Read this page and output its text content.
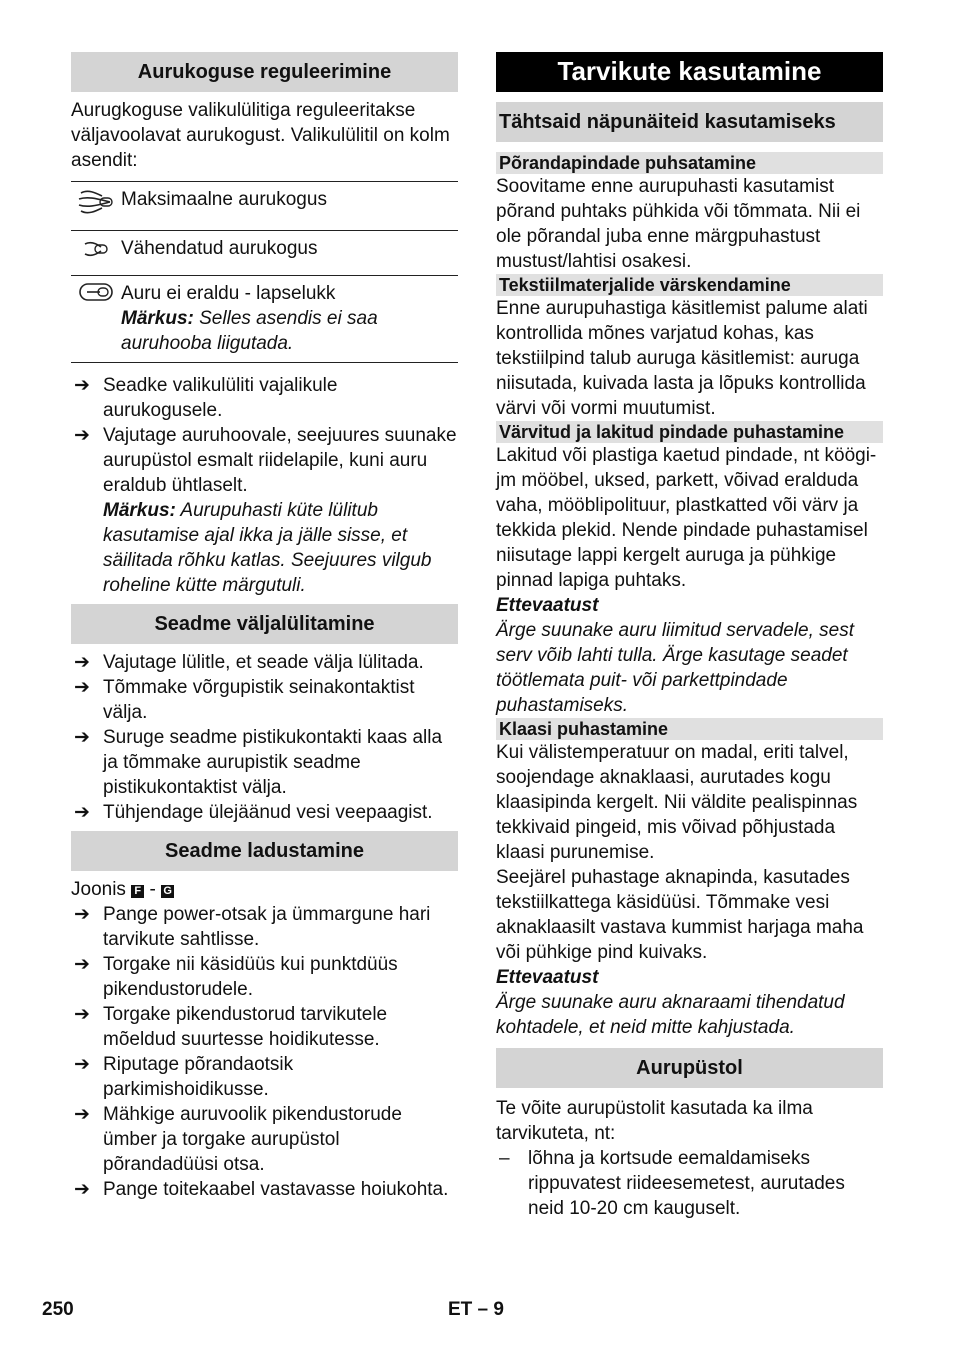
Aurukoguse reguleerimine

Aurugkoguse valikulülitiga reguleeritakse väljavoolavat aurukogust. Valikulülitil on kolm asendit:

	Maksimaalne aurukogus
	Vähendatud aurukogus

Auru ei eraldu - lapselukk
Märkus: Selles asendis ei saa auruhooba liigutada.
➔ Seadke valikulüliti vajalikule aurukogusele.
➔ Vajutage auruhoovale, seejuures suunake aurupüstol esmalt riidelapile, kuni auru eraldub ühtlaselt.
Märkus: Aurupuhasti küte lülitub kasutamise ajal ikka ja jälle sisse, et säilitada rõhku katlas. Seejuures vilgub roheline kütte märgutuli.
Seadme väljalülitamine
➔ Vajutage lülitle, et seade välja lülitada.
➔ Tõmmake võrgupistik seinakontaktist välja.
➔ Suruge seadme pistikukontakti kaas alla ja tõmmake aurupistik seadme pistikukontaktist välja.
➔ Tühjendage ülejäänud vesi veepaagist.
Seadme ladustamine

Joonis F - G

➔ Pange power-otsak ja ümmargune hari tarvikute sahtlisse.
➔ Torgake nii käsidüüs kui punktdüüs pikendustorudele.
➔ Torgake pikendustorud tarvikutele mõeldud suurtesse hoidikutesse.
➔ Riputage põrandaotsik parkimishoidikusse.
➔ Mähkige auruvoolik pikendustorude ümber ja torgake aurupüstol põrandadüüsi otsa.
➔ Pange toitekaabel vastavasse hoiukohta.
Tarvikute kasutamine
Tähtsaid näpunäiteid kasutamiseks
Põrandapindade puhsatamine

Soovitame enne aurupuhasti kasutamist põrand puhtaks pühkida või tõmmata. Nii ei ole põrandal juba enne märgpuhastust mustust/lahtisi osakesi.

Tekstiilmaterjalide värskendamine

Enne aurupuhastiga käsitlemist palume alati kontrollida mõnes varjatud kohas, kas tekstiilpind talub auruga käsitlemist: auruga niisutada, kuivada lasta ja lõpuks kontrollida värvi või vormi muutumist.

Värvitud ja lakitud pindade puhastamine

Lakitud või plastiga kaetud pindade, nt köögi- jm mööbel, uksed, parkett, võivad eralduda vaha, mööblipolituur, plastkatted või värv ja tekkida plekid. Nende pindade puhastamisel niisutage lappi kergelt auruga ja pühkige pinnad lapiga puhtaks.

Ettevaatust

Ärge suunake auru liimitud servadele, sest serv võib lahti tulla. Ärge kasutage seadet töötlemata puit- või parkettpindade puhastamiseks.

Klaasi puhastamine

Kui välistemperatuur on madal, eriti talvel, soojendage aknaklaasi, aurutades kogu klaasipinda kergelt. Nii väldite pealispinnas tekkivaid pingeid, mis võivad põhjustada klaasi purunemise.

Seejärel puhastage aknapinda, kasutades tekstiilkattega käsidüüsi. Tõmmake vesi aknaklaasilt vastava kummist harjaga maha või pühkige pind kuivaks.

Ettevaatust

Ärge suunake auru aknaraami tihendatud kohtadele, et neid mitte kahjustada.

Aurupüstol

Te võite aurupüstolit kasutada ka ilma tarvikuteta, nt:

– lõhna ja kortsude eemaldamiseks rippuvatest riideesemetest, aurutades neid 10-20 cm kauguselt.
250	ET – 9
